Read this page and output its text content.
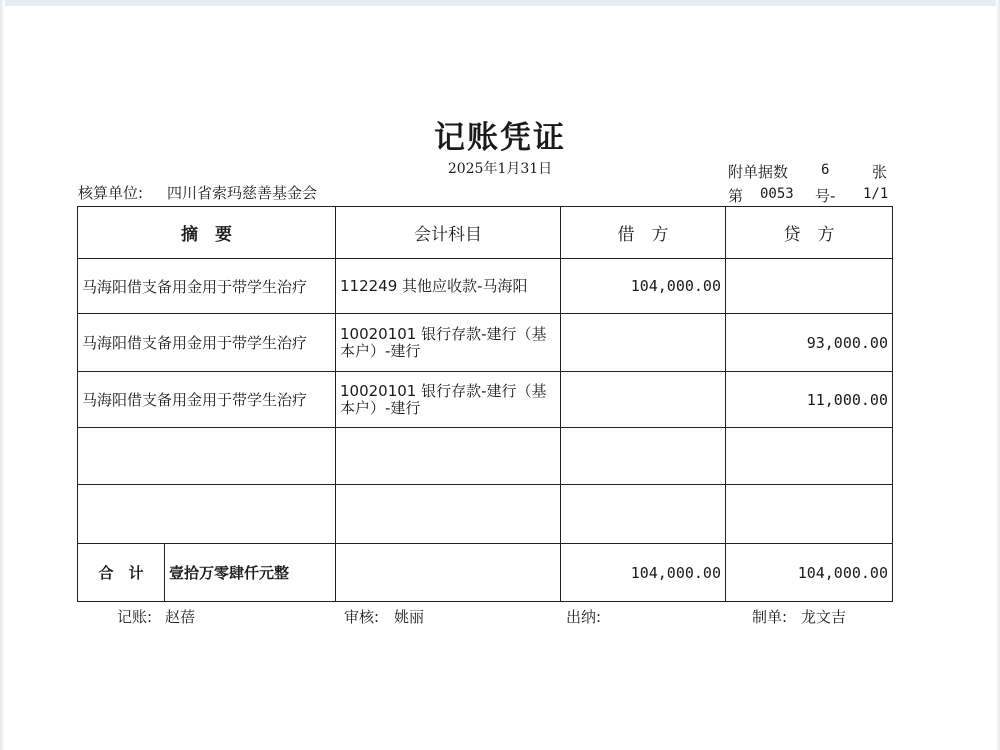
记账凭证
2025年1月31日
核算单位: 四川省索玛慈善基金会
附单据数 6	张
第 0053 号- 1/1
摘　要	会计科目	借　方	贷　方
马海阳借支备用金用于带学生治疗	112249 其他应收款-马海阳	104,000.00	
马海阳借支备用金用于带学生治疗	10020101 银行存款-建行（基本户）-建行		93,000.00
马海阳借支备用金用于带学生治疗	10020101 银行存款-建行（基本户）-建行		11,000.00

合　计 壹拾万零肆仟元整		104,000.00	104,000.00
记账: 赵蓓	审核: 姚丽	出纳:	制单: 龙文吉
